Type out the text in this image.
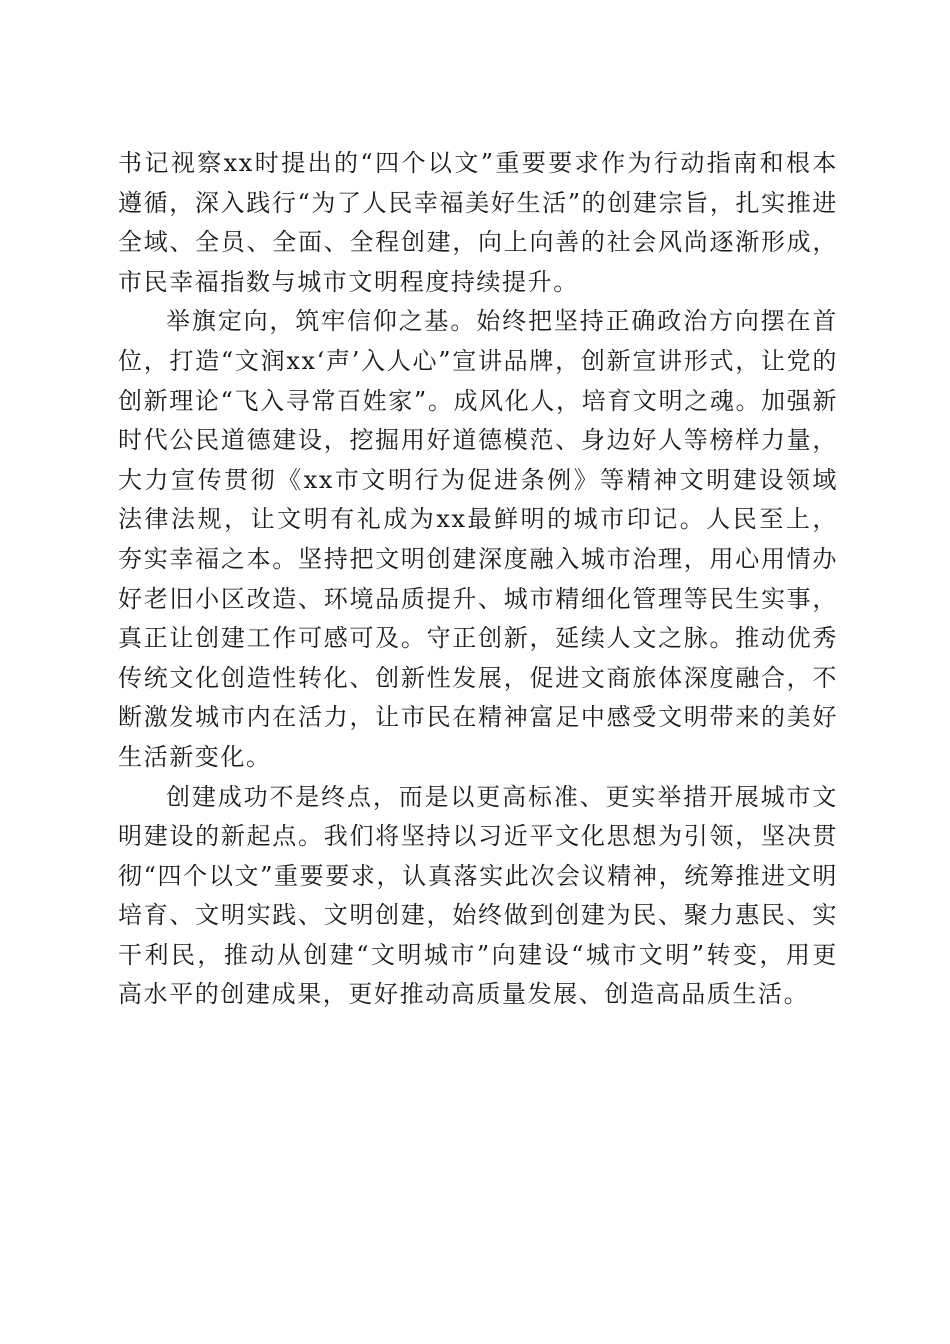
书记视察xx时提出的“四个以文”重要要求作为行动指南和根本遵循，深入践行“为了人民幸福美好生活”的创建宗旨，扎实推进全域、全员、全面、全程创建，向上向善的社会风尚逐渐形成，市民幸福指数与城市文明程度持续提升。

举旗定向，筑牢信仰之基。始终把坚持正确政治方向摆在首位，打造“文润xx‘声’入人心”宣讲品牌，创新宣讲形式，让党的创新理论“飞入寻常百姓家”。成风化人，培育文明之魂。加强新时代公民道德建设，挖掘用好道德模范、身边好人等榜样力量，大力宣传贯彻《xx市文明行为促进条例》等精神文明建设领域法律法规，让文明有礼成为xx最鲜明的城市印记。人民至上，夯实幸福之本。坚持把文明创建深度融入城市治理，用心用情办好老旧小区改造、环境品质提升、城市精细化管理等民生实事，真正让创建工作可感可及。守正创新，延续人文之脉。推动优秀传统文化创造性转化、创新性发展，促进文商旅体深度融合，不断激发城市内在活力，让市民在精神富足中感受文明带来的美好生活新变化。

创建成功不是终点，而是以更高标准、更实举措开展城市文明建设的新起点。我们将坚持以习近平文化思想为引领，坚决贯彻“四个以文”重要要求，认真落实此次会议精神，统筹推进文明培育、文明实践、文明创建，始终做到创建为民、聚力惠民、实干利民，推动从创建“文明城市”向建设“城市文明”转变，用更高水平的创建成果，更好推动高质量发展、创造高品质生活。
